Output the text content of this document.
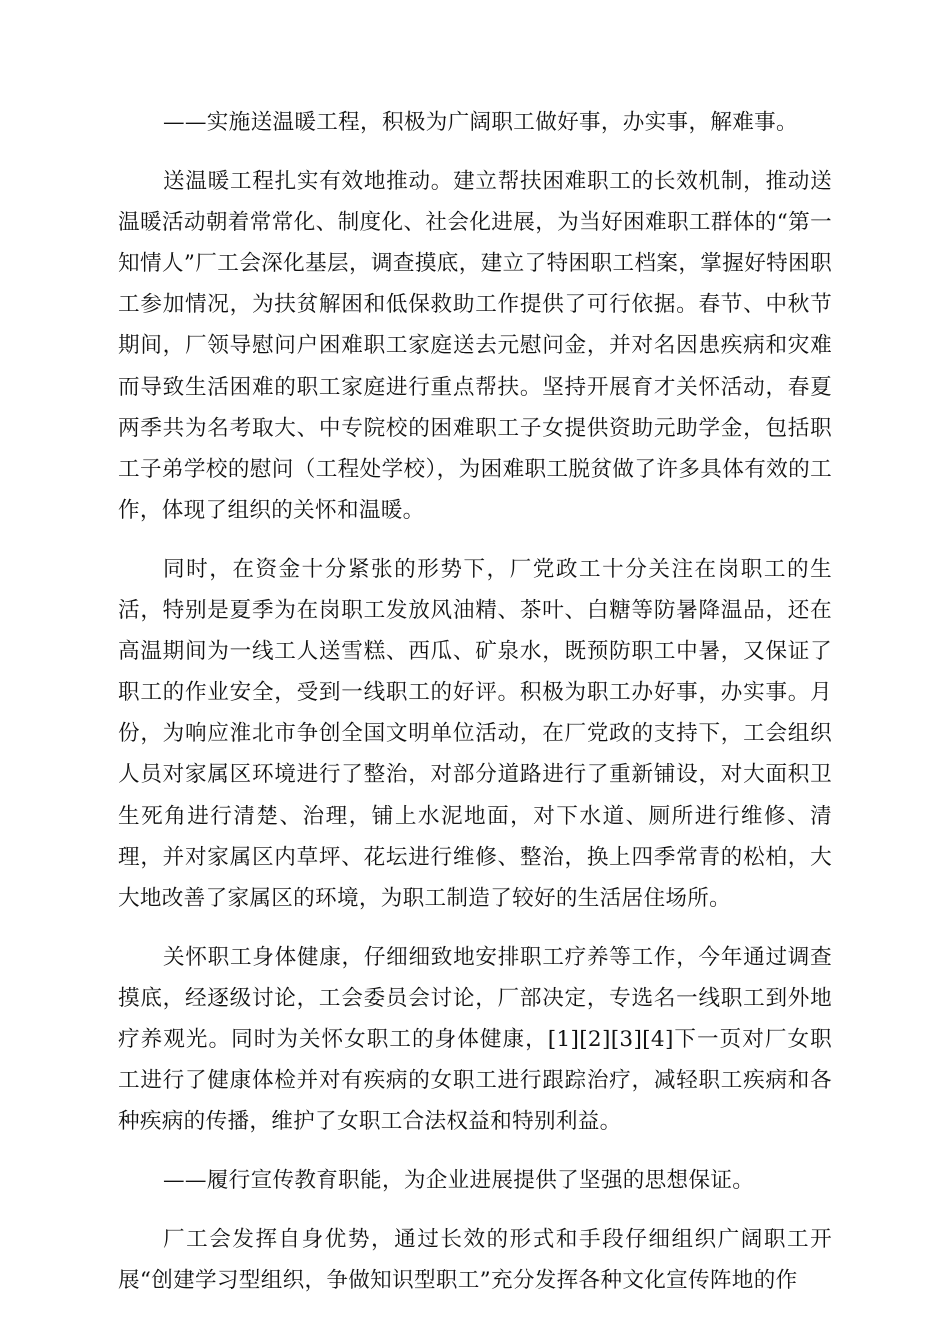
——实施送温暖工程，积极为广阔职工做好事，办实事，解难事。

送温暖工程扎实有效地推动。建立帮扶困难职工的长效机制，推动送温暖活动朝着常常化、制度化、社会化进展，为当好困难职工群体的“第一知情人”厂工会深化基层，调查摸底，建立了特困职工档案，掌握好特困职工参加情况，为扶贫解困和低保救助工作提供了可行依据。春节、中秋节期间，厂领导慰问户困难职工家庭送去元慰问金，并对名因患疾病和灾难而导致生活困难的职工家庭进行重点帮扶。坚持开展育才关怀活动，春夏两季共为名考取大、中专院校的困难职工子女提供资助元助学金，包括职工子弟学校的慰问（工程处学校），为困难职工脱贫做了许多具体有效的工作，体现了组织的关怀和温暖。

同时，在资金十分紧张的形势下，厂党政工十分关注在岗职工的生活，特别是夏季为在岗职工发放风油精、茶叶、白糖等防暑降温品，还在高温期间为一线工人送雪糕、西瓜、矿泉水，既预防职工中暑，又保证了职工的作业安全，受到一线职工的好评。积极为职工办好事，办实事。月份，为响应淮北市争创全国文明单位活动，在厂党政的支持下，工会组织人员对家属区环境进行了整治，对部分道路进行了重新铺设，对大面积卫生死角进行清楚、治理，铺上水泥地面，对下水道、厕所进行维修、清理，并对家属区内草坪、花坛进行维修、整治，换上四季常青的松柏，大大地改善了家属区的环境，为职工制造了较好的生活居住场所。

关怀职工身体健康，仔细细致地安排职工疗养等工作，今年通过调查摸底，经逐级讨论，工会委员会讨论，厂部决定，专选名一线职工到外地疗养观光。同时为关怀女职工的身体健康，[1][2][3][4]下一页对厂女职工进行了健康体检并对有疾病的女职工进行跟踪治疗，减轻职工疾病和各种疾病的传播，维护了女职工合法权益和特别利益。

——履行宣传教育职能，为企业进展提供了坚强的思想保证。

厂工会发挥自身优势，通过长效的形式和手段仔细组织广阔职工开展“创建学习型组织，争做知识型职工”充分发挥各种文化宣传阵地的作
